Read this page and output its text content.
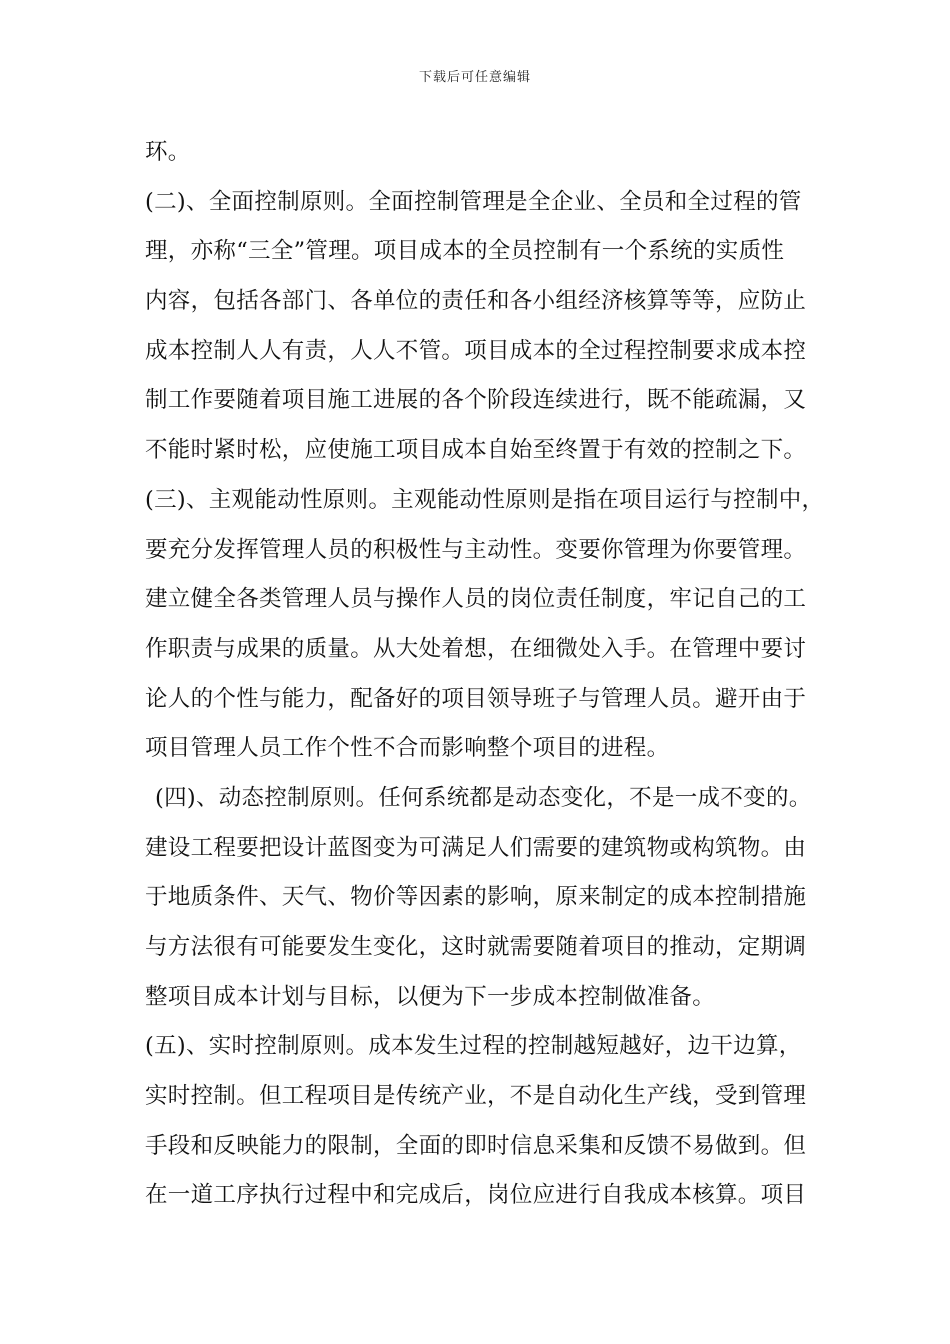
下载后可任意编辑
环。
(二)、全面控制原则。全面控制管理是全企业、全员和全过程的管
理，亦称“三全”管理。项目成本的全员控制有一个系统的实质性
内容，包括各部门、各单位的责任和各小组经济核算等等，应防止
成本控制人人有责，人人不管。项目成本的全过程控制要求成本控
制工作要随着项目施工进展的各个阶段连续进行，既不能疏漏，又
不能时紧时松，应使施工项目成本自始至终置于有效的控制之下。
(三)、主观能动性原则。主观能动性原则是指在项目运行与控制中，
要充分发挥管理人员的积极性与主动性。变要你管理为你要管理。
建立健全各类管理人员与操作人员的岗位责任制度，牢记自己的工
作职责与成果的质量。从大处着想，在细微处入手。在管理中要讨
论人的个性与能力，配备好的项目领导班子与管理人员。避开由于
项目管理人员工作个性不合而影响整个项目的进程。
(四)、动态控制原则。任何系统都是动态变化，不是一成不变的。
建设工程要把设计蓝图变为可满足人们需要的建筑物或构筑物。由
于地质条件、天气、物价等因素的影响，原来制定的成本控制措施
与方法很有可能要发生变化，这时就需要随着项目的推动，定期调
整项目成本计划与目标，以便为下一步成本控制做准备。
(五)、实时控制原则。成本发生过程的控制越短越好，边干边算，
实时控制。但工程项目是传统产业，不是自动化生产线，受到管理
手段和反映能力的限制，全面的即时信息采集和反馈不易做到。但
在一道工序执行过程中和完成后，岗位应进行自我成本核算。项目
